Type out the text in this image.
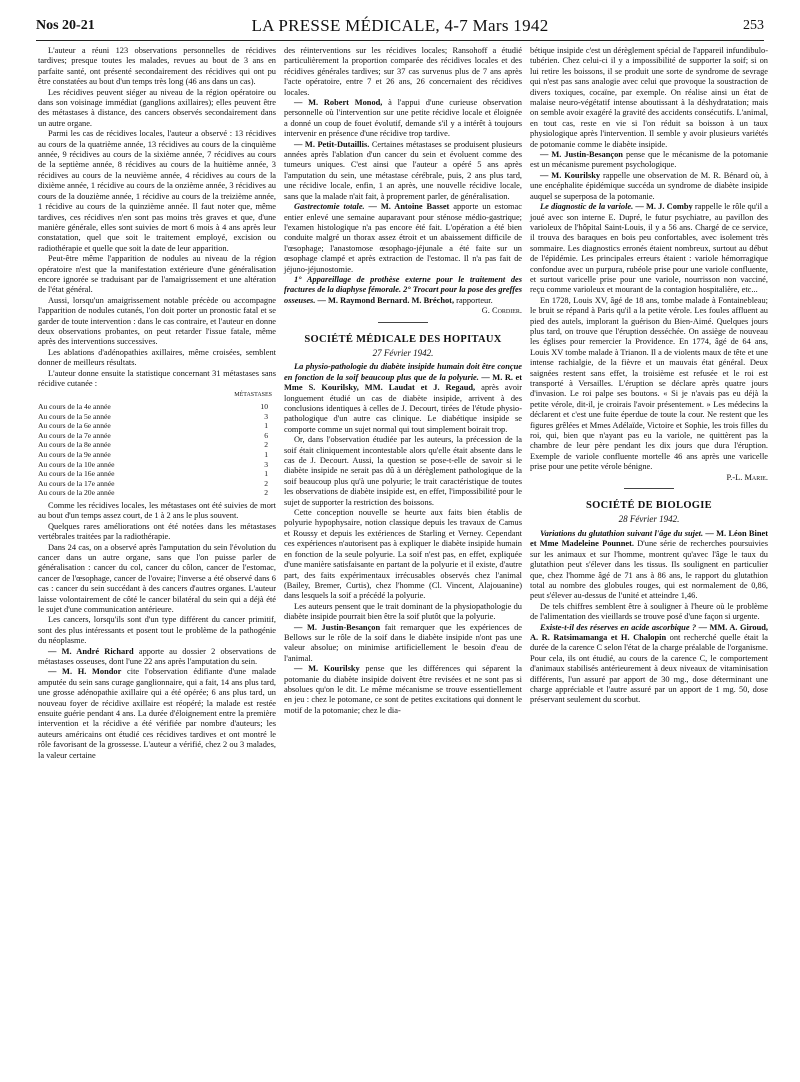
Nos 20-21	LA PRESSE MÉDICALE, 4-7 Mars 1942	253

L'auteur a réuni 123 observations personnelles de récidives tardives; presque toutes les malades, revues au bout de 3 ans en parfaite santé, ont présenté secondairement des récidives qui ont pu être constatées au bout d'un temps très long (46 ans dans un cas).

Les récidives peuvent siéger au niveau de la région opératoire ou dans son voisinage immédiat (ganglions axillaires); elles peuvent être des métastases à distance, des cancers observés secondairement dans un autre organe.

Parmi les cas de récidives locales, l'auteur a observé : 13 récidives au cours de la quatrième année, 13 récidives au cours de la cinquième année, 9 récidives au cours de la sixième année, 7 récidives au cours de la septième année, 8 récidives au cours de la huitième année, 3 récidives au cours de la neuvième année, 4 récidives au cours de la dixième année, 1 récidive au cours de la onzième année, 3 récidives au cours de la douzième année, 1 récidive au cours de la treizième année, 1 récidive au cours de la quinzième année. Il faut noter que, même tardives, ces récidives n'en sont pas moins très graves et que, d'une manière générale, elles sont suivies de mort 6 mois à 4 ans après leur constatation, quel que soit le traitement employé, excision ou radiothérapie et quelle que soit la date de leur apparition.

Peut-être même l'apparition de nodules au niveau de la région opératoire n'est que la manifestation extérieure d'une généralisation encore ignorée se traduisant par de l'amaigrissement et une altération de l'état général.

Aussi, lorsqu'un amaigrissement notable précède ou accompagne l'apparition de nodules cutanés, l'on doit porter un pronostic fatal et se garder de toute intervention : dans le cas contraire, et l'auteur en donne deux observations probantes, on peut retarder l'issue fatale, même après des interventions successives.

Les ablations d'adénopathies axillaires, même croisées, semblent donner de meilleurs résultats.

L'auteur donne ensuite la statistique concernant 31 métastases sans récidive cutanée :

	MÉTASTASES
Au cours de la 4e année	10
Au cours de la 5e année	3
Au cours de la 6e année	1
Au cours de la 7e année	6
Au cours de la 8e année	2
Au cours de la 9e année	1
Au cours de la 10e année	3
Au cours de la 16e année	1
Au cours de la 17e année	2
Au cours de la 20e année	2

Comme les récidives locales, les métastases ont été suivies de mort au bout d'un temps assez court, de 1 à 2 ans le plus souvent.

Quelques rares améliorations ont été notées dans les métastases vertébrales traitées par la radiothérapie.

Dans 24 cas, on a observé après l'amputation du sein l'évolution du cancer dans un autre organe, sans que l'on puisse parler de généralisation : cancer du col, cancer du côlon, cancer de l'estomac, cancer de l'œsophage, cancer de l'ovaire; l'inverse a été observé dans 6 cas : cancer du sein succédant à des cancers d'autres organes. L'auteur laisse volontairement de côté le cancer bilatéral du sein qui a déjà été le sujet d'une communication antérieure.

Les cancers, lorsqu'ils sont d'un type différent du cancer primitif, sont des plus intéressants et posent tout le problème de la pathogénie du néoplasme.

— M. André Richard apporte au dossier 2 observations de métastases osseuses, dont l'une 22 ans après l'amputation du sein.

— M. H. Mondor cite l'observation édifiante d'une malade amputée du sein sans curage ganglionnaire, qui a fait, 14 ans plus tard, une grosse adénopathie axillaire qui a été opérée; 6 ans plus tard, un nouveau foyer de récidive axillaire est réopéré; la malade est restée ensuite guérie pendant 4 ans. La durée d'éloignement entre la première intervention et la récidive a été vérifiée par nombre d'auteurs; les auteurs américains ont étudié ces récidives tardives et ont montré le rôle favorisant de la grossesse. L'auteur a vérifié, chez 2 ou 3 malades, la valeur certaine

des réinterventions sur les récidives locales; Ransohoff a étudié particulièrement la proportion comparée des récidives locales et des récidives générales tardives; sur 37 cas survenus plus de 7 ans après l'acte opératoire, entre 7 et 26 ans, 26 concernaient des récidives locales.

— M. Robert Monod, à l'appui d'une curieuse observation personnelle où l'intervention sur une petite récidive locale et éloignée a donné un coup de fouet évolutif, demande s'il y a intérêt à toujours intervenir en présence d'une récidive trop tardive.

— M. Petit-Dutaillis. Certaines métastases se produisent plusieurs années après l'ablation d'un cancer du sein et évoluent comme des tumeurs uniques. C'est ainsi que l'auteur a opéré 5 ans après l'amputation du sein, une métastase cérébrale, puis, 2 ans plus tard, une récidive locale, enfin, 1 an après, une nouvelle récidive locale, sans que la malade n'ait fait, à proprement parler, de généralisation.

Gastrectomie totale. — M. Antoine Basset apporte un estomac entier enlevé une semaine auparavant pour sténose médio-gastrique; l'examen histologique n'a pas encore été fait. L'opération a été bien conduite malgré un thorax assez étroit et un abaissement difficile de l'œsophage; l'anastomose œsophago-jéjunale a été faite sur un œsophage clampé et après extraction de l'estomac. Il n'a pas fait de jéjuno-jéjunostomie.

1° Appareillage de prothèse externe pour le traitement des fractures de la diaphyse fémorale. 2° Trocart pour la pose des greffes osseuses. — M. Raymond Bernard. M. Bréchot, rapporteur.

G. Cordier.

SOCIÉTÉ MÉDICALE DES HOPITAUX
27 Février 1942.

La physio-pathologie du diabète insipide humain doit être conçue en fonction de la soif beaucoup plus que de la polyurie. — M. R. et Mme S. Kourilsky, MM. Laudat et J. Regaud, après avoir longuement étudié un cas de diabète insipide, arrivent à des conclusions identiques à celles de J. Decourt, tirées de l'étude physio-pathologique d'un autre cas clinique. Le diabétique insipide se comporte comme un sujet normal qui tout simplement boirait trop.

Or, dans l'observation étudiée par les auteurs, la précession de la soif était cliniquement incontestable alors qu'elle était absente dans le cas de J. Decourt. Aussi, la question se pose-t-elle de savoir si le diabète insipide ne serait pas dû à un dérèglement pathologique de la soif beaucoup plus qu'à une polyurie; le trait caractéristique de toutes les observations de diabète insipide est, en effet, l'impossibilité pour le sujet de supporter la restriction des boissons.

Cette conception nouvelle se heurte aux faits bien établis de polyurie hypophysaire, notion classique depuis les travaux de Camus et Roussy et depuis les extériences de Starling et Verney. Cependant ces expériences n'autorisent pas à expliquer le diabète insipide humain en fonction de la seule polyurie. La soif n'est pas, en effet, expliquée d'une manière satisfaisante en partant de la polyurie et il existe, d'autre part, des faits expérimentaux irrécusables observés chez l'animal (Bailey, Bremer, Curtis), chez l'homme (Cl. Vincent, Alajouanine) dans lesquels la soif a précédé la polyurie.

Les auteurs pensent que le trait dominant de la physiopathologie du diabète insipide pourrait bien être la soif plutôt que la polyurie.

— M. Justin-Besançon fait remarquer que les expériences de Bellows sur le rôle de la soif dans le diabète insipide n'ont pas une valeur absolue; on minimise artificiellement le besoin d'eau de l'animal.

— M. Kourilsky pense que les différences qui séparent la potomanie du diabète insipide doivent être revisées et ne sont pas si absolues qu'on le dit. Le même mécanisme se trouve essentiellement en jeu : chez le potomane, ce sont de petites excitations qui donnent le motif de la potomanie; chez le dia-

bétique insipide c'est un dérèglement spécial de l'appareil infundibulo-tubérien. Chez celui-ci il y a impossibilité de supporter la soif; si on lui retire les boissons, il se produit une sorte de syndrome de sevrage qui n'est pas sans analogie avec celui que provoque la soustraction de divers toxiques, cocaïne, par exemple. On réalise ainsi un état de malaise neuro-végétatif intense aboutissant à la déshydratation; mais on semble avoir exagéré la gravité des accidents consécutifs. L'animal, en tout cas, reste en vie si l'on réduit sa boisson à un taux physiologique après l'intervention. Il semble y avoir plusieurs variétés de potomanie comme le diabète insipide.

— M. Justin-Besançon pense que le mécanisme de la potomanie est un mécanisme purement psychologique.

— M. Kourilsky rappelle une observation de M. R. Bénard où, à une encéphalite épidémique succéda un syndrome de diabète insipide auquel se superposa de la potomanie.

Le diagnostic de la variole. — M. J. Comby rappelle le rôle qu'il a joué avec son interne E. Dupré, le futur psychiatre, au pavillon des varioleux de l'hôpital Saint-Louis, il y a 56 ans. Chargé de ce service, il trouva des baraques en bois peu confortables, avec isolement très sommaire. Les diagnostics erronés étaient nombreux, surtout au début de l'épidémie. Les principales erreurs étaient : variole hémorragique confondue avec un purpura, rubéole prise pour une variole confluente, et surtout varicelle prise pour une variole, nourrisson non vacciné, reçu comme varioleux et mourant de la contagion hospitalière, etc...

En 1728, Louis XV, âgé de 18 ans, tombe malade à Fontainebleau; le bruit se répand à Paris qu'il a la petite vérole. Les foules affluent au pied des autels, implorant la guérison du Bien-Aimé. Quelques jours plus tard, on trouve que l'éruption desséchée. On assiège de nouveau les églises pour remercier la Providence. En 1774, âgé de 64 ans, Louis XV tombe malade à Trianon. Il a de violents maux de tête et une intense rachialgie, de la fièvre et un mauvais état général. Deux saignées restent sans effet, la troisième est refusée et le roi est transporté à Versailles. L'éruption se déclare après quatre jours d'invasion. Le roi palpe ses boutons. « Si je n'avais pas eu déjà la petite vérole, dit-il, je croirais l'avoir présentement. » Les médecins la déclarent et c'est une fuite éperdue de toute la cour. Ne restent que les figures grêlées et Mmes Adélaïde, Victoire et Sophie, les trois filles du roi, qui, bien que n'ayant pas eu la variole, ne quittèrent pas la chambre de leur père pendant les dix jours que dura l'éruption. Exemple de variole confluente mortelle 46 ans après une varicelle prise pour une petite vérole bénigne.

P.-L. Marie.

SOCIÉTÉ DE BIOLOGIE
28 Février 1942.

Variations du glutathion suivant l'âge du sujet. — M. Léon Binet et Mme Madeleine Pounnet. D'une série de recherches poursuivies sur les animaux et sur l'homme, montrent qu'avec l'âge le taux du glutathion peut s'élever dans les tissus. Ils soulignent en particulier que, chez l'homme âgé de 71 ans à 86 ans, le rapport du glutathion total au nombre des globules rouges, qui est normalement de 0,86, peut s'élever au-dessus de l'unité et atteindre 1,46.

De tels chiffres semblent être à souligner à l'heure où le problème de l'alimentation des vieillards se trouve posé d'une façon si urgente.

Existe-t-il des réserves en acide ascorbique ? — MM. A. Giroud, A. R. Ratsimamanga et H. Chalopin ont recherché quelle était la durée de la carence C selon l'état de la charge préalable de l'organisme. Pour cela, ils ont étudié, au cours de la carence C, le comportement d'animaux stabilisés antérieurement à deux niveaux de vitaminisation différents, l'un assuré par apport de 30 mg., dose déterminant une charge appréciable et l'autre assuré par un apport de 1 mg. 50, dose préservant seulement du scorbut.
